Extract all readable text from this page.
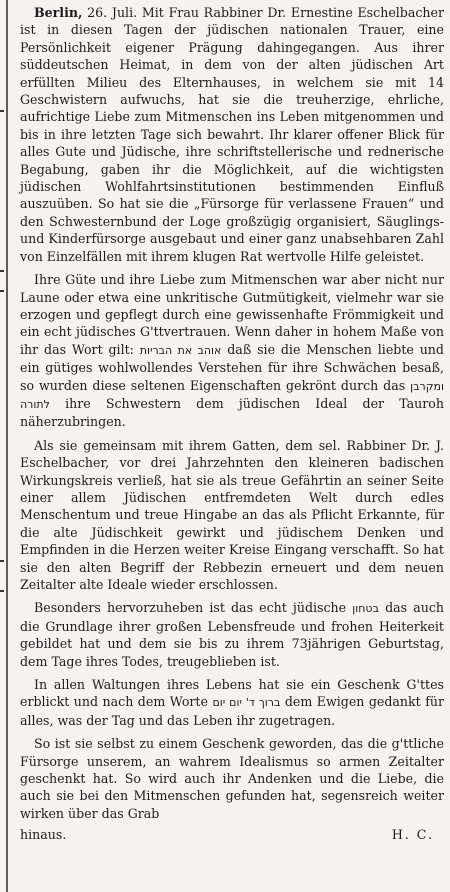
Berlin, 26. Juli. Mit Frau Rabbiner Dr. Ernestine Eschelbacher ist in diesen Tagen der jüdischen nationalen Trauer, eine Persönlichkeit eigener Prägung dahingegangen. Aus ihrer süddeutschen Heimat, in dem von der alten jüdischen Art erfüllten Milieu des Elternhauses, in welchem sie mit 14 Geschwistern aufwuchs, hat sie die treuherzige, ehrliche, aufrichtige Liebe zum Mitmenschen ins Leben mitgenommen und bis in ihre letzten Tage sich bewahrt. Ihr klarer offener Blick für alles Gute und Jüdische, ihre schriftstellerische und rednerische Begabung, gaben ihr die Möglichkeit, auf die wichtigsten jüdischen Wohlfahrtsinstitutionen bestimmenden Einfluß auszuüben. So hat sie die „Fürsorge für verlassene Frauen“ und den Schwesternbund der Loge großzügig organisiert, Säuglings- und Kinderfürsorge ausgebaut und einer ganz unabsehbaren Zahl von Einzelfällen mit ihrem klugen Rat wertvolle Hilfe geleistet.

Ihre Güte und ihre Liebe zum Mitmenschen war aber nicht nur Laune oder etwa eine unkritische Gutmütigkeit, vielmehr war sie erzogen und gepflegt durch eine gewissenhafte Frömmigkeit und ein echt jüdisches G'ttvertrauen. Wenn daher in hohem Maße von ihr das Wort gilt: אוהב את הבריות daß sie die Menschen liebte und ein gütiges wohlwollendes Verstehen für ihre Schwächen besaß, so wurden diese seltenen Eigenschaften gekrönt durch das ומקרבן לתורה ihre Schwestern dem jüdischen Ideal der Tauroh näherzubringen.

Als sie gemeinsam mit ihrem Gatten, dem sel. Rabbiner Dr. J. Eschelbacher, vor drei Jahrzehnten den kleineren badischen Wirkungskreis verließ, hat sie als treue Gefährtin an seiner Seite einer allem Jüdischen entfremdeten Welt durch edles Menschentum und treue Hingabe an das als Pflicht Erkannte, für die alte Jüdischkeit gewirkt und jüdischem Denken und Empfinden in die Herzen weiter Kreise Eingang verschafft. So hat sie den alten Begriff der Rebbezin erneuert und dem neuen Zeitalter alte Ideale wieder erschlossen.

Besonders hervorzuheben ist das echt jüdische בטחון das auch die Grundlage ihrer großen Lebensfreude und frohen Heiterkeit gebildet hat und dem sie bis zu ihrem 73jährigen Geburtstag, dem Tage ihres Todes, treugeblieben ist.

In allen Waltungen ihres Lebens hat sie ein Geschenk G'ttes erblickt und nach dem Worte ברוך ד' יום יום dem Ewigen gedankt für alles, was der Tag und das Leben ihr zugetragen.

So ist sie selbst zu einem Geschenk geworden, das die g'ttliche Fürsorge unserem, an wahrem Idealismus so armen Zeitalter geschenkt hat. So wird auch ihr Andenken und die Liebe, die auch sie bei den Mitmenschen gefunden hat, segensreich weiter wirken über das Grab

hinaus.	H. C.
